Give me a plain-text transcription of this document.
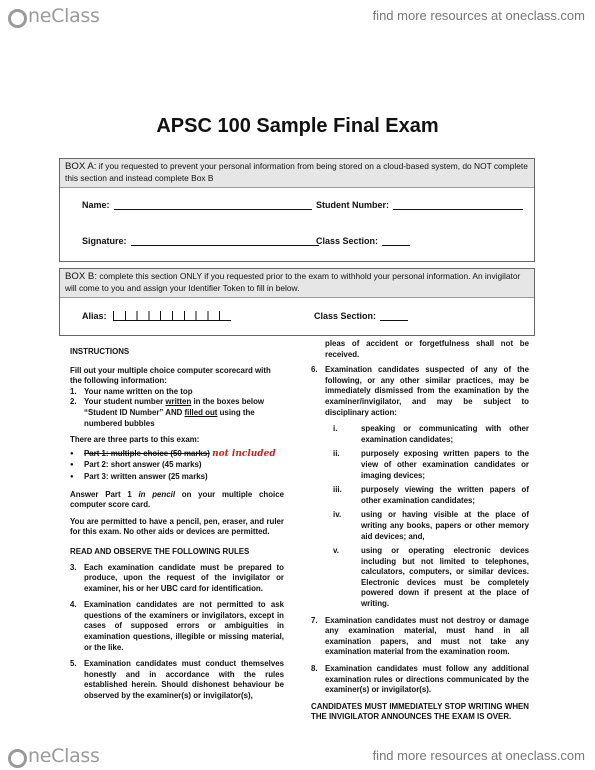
neClass	find more resources at oneclass.com
APSC 100 Sample Final Exam
BOX A: if you requested to prevent your personal information from being stored on a cloud-based system, do NOT complete this section and instead complete Box B
Name:	Student Number:
Signature:	Class Section:
BOX B: complete this section ONLY if you requested prior to the exam to withhold your personal information. An invigilator will come to you and assign your Identifier Token to fill in below.
Alias:	Class Section:
INSTRUCTIONS
Fill out your multiple choice computer scorecard with the following information:
1. Your name written on the top
2. Your student number written in the boxes below “Student ID Number” AND filled out using the numbered bubbles
There are three parts to this exam:
●
Part 1: multiple choice (50 marks) not included
●
Part 2: short answer (45 marks)
●
Part 3: written answer (25 marks)
Answer Part 1 in pencil on your multiple choice computer score card.
You are permitted to have a pencil, pen, eraser, and ruler for this exam. No other aids or devices are permitted.
READ AND OBSERVE THE FOLLOWING RULES
3. Each examination candidate must be prepared to produce, upon the request of the invigilator or examiner, his or her UBC card for identification.
4. Examination candidates are not permitted to ask questions of the examiners or invigilators, except in cases of supposed errors or ambiguities in examination questions, illegible or missing material, or the like.
5. Examination candidates must conduct themselves honestly and in accordance with the rules established herein. Should dishonest behaviour be observed by the examiner(s) or invigilator(s),
pleas of accident or forgetfulness shall not be received.
6. Examination candidates suspected of any of the following, or any other similar practices, may be immediately dismissed from the examination by the examiner/invigilator, and may be subject to disciplinary action:
i.	speaking or communicating with other examination candidates;
ii.	purposely exposing written papers to the view of other examination candidates or imaging devices;
iii.	purposely viewing the written papers of other examination candidates;
iv.	using or having visible at the place of writing any books, papers or other memory aid devices; and,
v.	using or operating electronic devices including but not limited to telephones, calculators, computers, or similar devices. Electronic devices must be completely powered down if present at the place of writing.
7. Examination candidates must not destroy or damage any examination material, must hand in all examination papers, and must not take any examination material from the examination room.
8. Examination candidates must follow any additional examination rules or directions communicated by the examiner(s) or invigilator(s).
CANDIDATES MUST IMMEDIATELY STOP WRITING WHEN THE INVIGILATOR ANNOUNCES THE EXAM IS OVER.
neClass	find more resources at oneclass.com
